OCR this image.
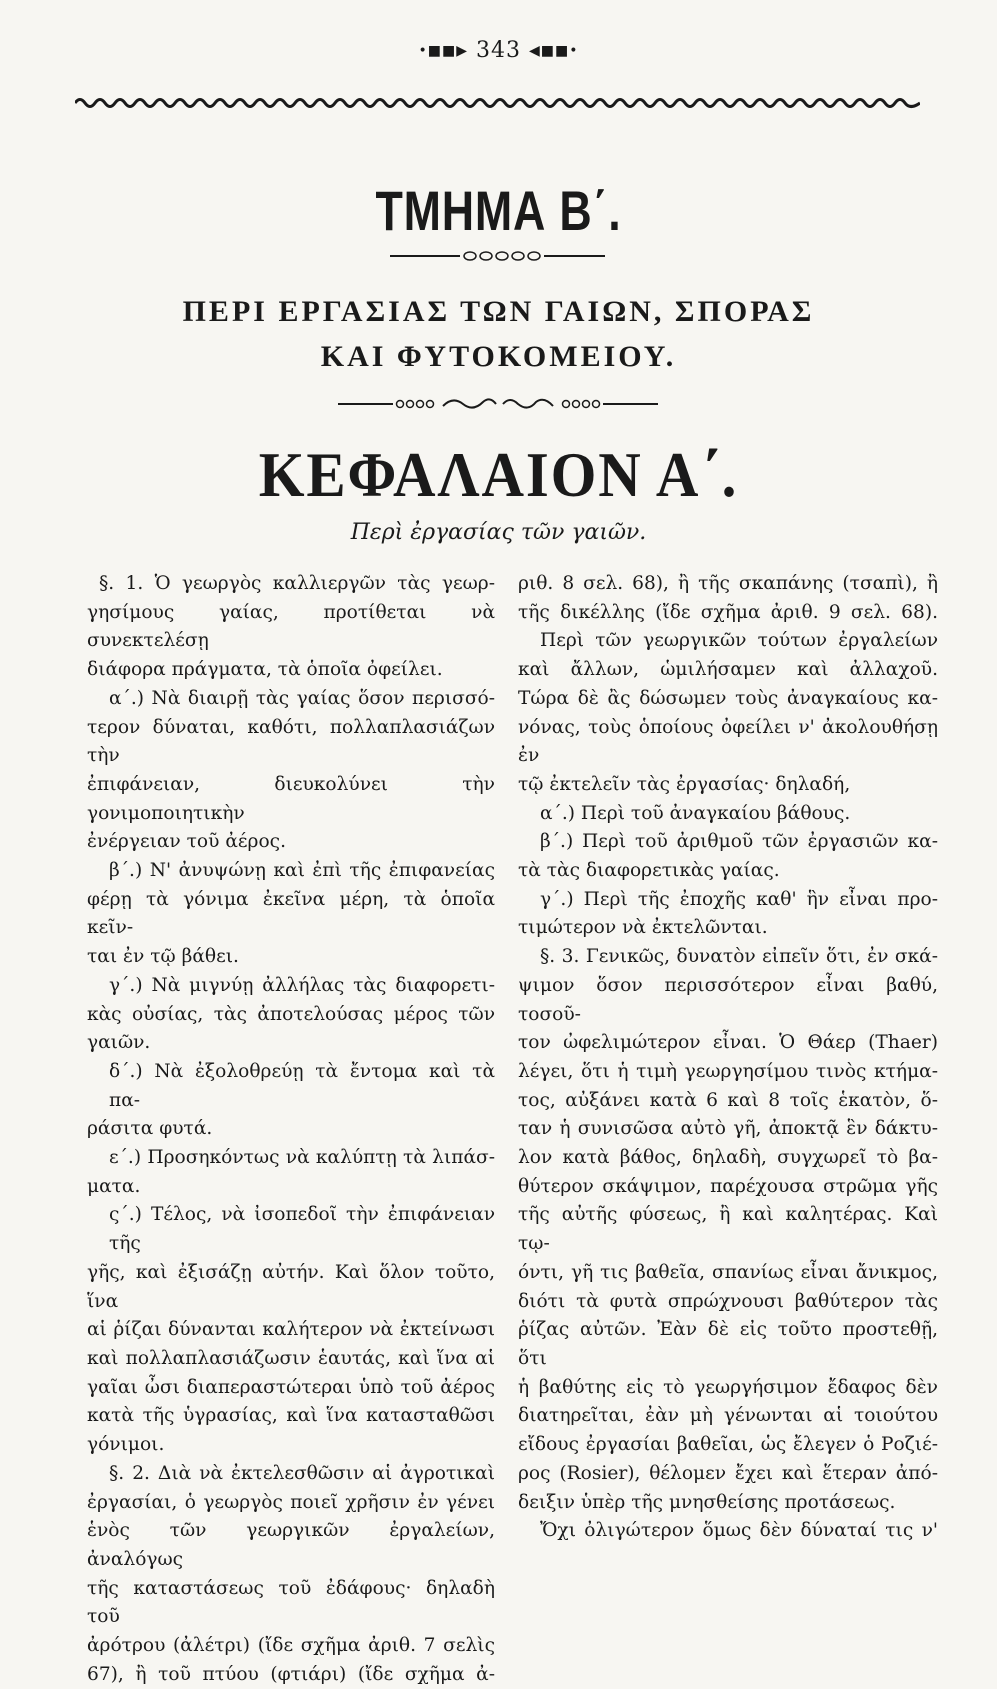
•■■▶ 343 ◀■■•
ΤΜΗΜΑ Β΄.
ΠΕΡΙ ΕΡΓΑΣΙΑΣ ΤΩΝ ΓΑΙΩΝ, ΣΠΟΡΑΣ
ΚΑΙ ΦΥΤΟΚΟΜΕΙΟΥ.
ΚΕΦΑΛΑΙΟΝ Α΄.
Περὶ ἐργασίας τῶν γαιῶν.
§. 1. Ὁ γεωργὸς καλλιεργῶν τὰς γεωρ-
γησίμους γαίας, προτίθεται νὰ συνεκτελέσῃ
διάφορα πράγματα, τὰ ὁποῖα ὀφείλει.
α΄.) Νὰ διαιρῇ τὰς γαίας ὅσον περισσό-
τερον δύναται, καθότι, πολλαπλασιάζων τὴν
ἐπιφάνειαν, διευκολύνει τὴν γονιμοποιητικὴν
ἐνέργειαν τοῦ ἀέρος.
β΄.) Ν' ἀνυψώνῃ καὶ ἐπὶ τῆς ἐπιφανείας
φέρῃ τὰ γόνιμα ἐκεῖνα μέρη, τὰ ὁποῖα κεῖν-
ται ἐν τῷ βάθει.
γ΄.) Νὰ μιγνύῃ ἀλλήλας τὰς διαφορετι-
κὰς οὐσίας, τὰς ἀποτελούσας μέρος τῶν
γαιῶν.
δ΄.) Νὰ ἐξολοθρεύῃ τὰ ἔντομα καὶ τὰ πα-
ράσιτα φυτά.
ε΄.) Προσηκόντως νὰ καλύπτῃ τὰ λιπάσ-
ματα.
ς΄.) Τέλος, νὰ ἰσοπεδοῖ τὴν ἐπιφάνειαν τῆς
γῆς, καὶ ἐξισάζῃ αὐτήν. Καὶ ὅλον τοῦτο, ἵνα
αἱ ῥίζαι δύνανται καλήτερον νὰ ἐκτείνωσι
καὶ πολλαπλασιάζωσιν ἑαυτάς, καὶ ἵνα αἱ
γαῖαι ὦσι διαπεραστώτεραι ὑπὸ τοῦ ἀέρος
κατὰ τῆς ὑγρασίας, καὶ ἵνα κατασταθῶσι
γόνιμοι.
§. 2. Διὰ νὰ ἐκτελεσθῶσιν αἱ ἀγροτικαὶ
ἐργασίαι, ὁ γεωργὸς ποιεῖ χρῆσιν ἐν γένει
ἑνὸς τῶν γεωργικῶν ἐργαλείων, ἀναλόγως
τῆς καταστάσεως τοῦ ἐδάφους· δηλαδὴ τοῦ
ἀρότρου (ἀλέτρι) (ἴδε σχῆμα ἀριθ. 7 σελὶς
67), ἢ τοῦ πτύου (φτιάρι) (ἴδε σχῆμα ἀ-
ριθ. 8 σελ. 68), ἢ τῆς σκαπάνης (τσαπὶ), ἢ
τῆς δικέλλης (ἴδε σχῆμα ἀριθ. 9 σελ. 68).
Περὶ τῶν γεωργικῶν τούτων ἐργαλείων
καὶ ἄλλων, ὡμιλήσαμεν καὶ ἀλλαχοῦ.
Τώρα δὲ ἂς δώσωμεν τοὺς ἀναγκαίους κα-
νόνας, τοὺς ὁποίους ὀφείλει ν' ἀκολουθήσῃ ἐν
τῷ ἐκτελεῖν τὰς ἐργασίας· δηλαδή,
α΄.) Περὶ τοῦ ἀναγκαίου βάθους.
β΄.) Περὶ τοῦ ἀριθμοῦ τῶν ἐργασιῶν κα-
τὰ τὰς διαφορετικὰς γαίας.
γ΄.) Περὶ τῆς ἐποχῆς καθ' ἣν εἶναι προ-
τιμώτερον νὰ ἐκτελῶνται.
§. 3. Γενικῶς, δυνατὸν εἰπεῖν ὅτι, ἐν σκά-
ψιμον ὅσον περισσότερον εἶναι βαθύ, τοσοῦ-
τον ὠφελιμώτερον εἶναι. Ὁ Θάερ (Thaer)
λέγει, ὅτι ἡ τιμὴ γεωργησίμου τινὸς κτήμα-
τος, αὐξάνει κατὰ 6 καὶ 8 τοῖς ἑκατὸν, ὅ-
ταν ἡ συνισῶσα αὐτὸ γῆ, ἀποκτᾷ ἓν δάκτυ-
λον κατὰ βάθος, δηλαδὴ, συγχωρεῖ τὸ βα-
θύτερον σκάψιμον, παρέχουσα στρῶμα γῆς
τῆς αὐτῆς φύσεως, ἢ καὶ καλητέρας. Καὶ τῳ-
όντι, γῆ τις βαθεῖα, σπανίως εἶναι ἄνικμος,
διότι τὰ φυτὰ σπρώχνουσι βαθύτερον τὰς
ῥίζας αὐτῶν. Ἐὰν δὲ εἰς τοῦτο προστεθῇ, ὅτι
ἡ βαθύτης εἰς τὸ γεωργήσιμον ἔδαφος δὲν
διατηρεῖται, ἐὰν μὴ γένωνται αἱ τοιούτου
εἴδους ἐργασίαι βαθεῖαι, ὡς ἔλεγεν ὁ Ροζιέ-
ρος (Rosier), θέλομεν ἔχει καὶ ἕτεραν ἀπό-
δειξιν ὑπὲρ τῆς μνησθείσης προτάσεως.
Ὄχι ὀλιγώτερον ὅμως δὲν δύναταί τις ν'
